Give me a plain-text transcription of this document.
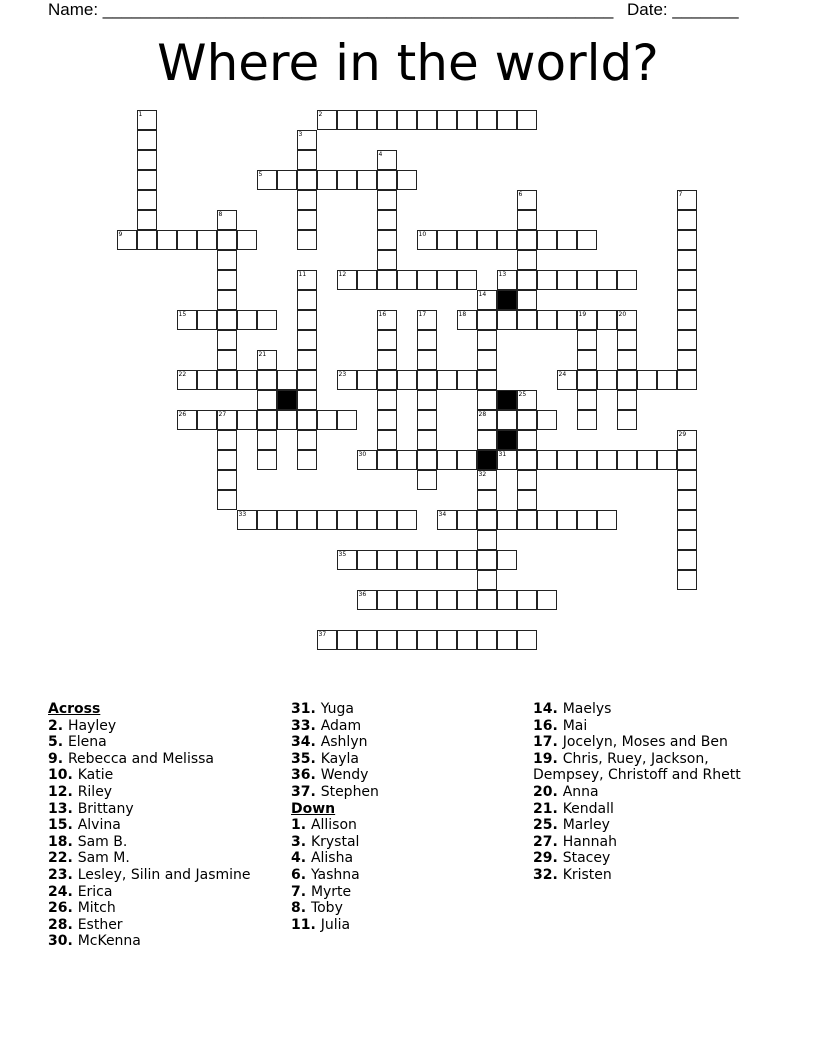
Name: ______________________________________________________ Date: _______
Where in the world?
1	2
3
4
5
6	7
8
9	10
11	12	13
14
28
15	16	17	18	19	20
21
22	23	24
25
26	27
29
30	31
32
33	34
35
36
37
Across
2. Hayley
5. Elena
9. Rebecca and Melissa
10. Katie
12. Riley
13. Brittany
15. Alvina
18. Sam B.
22. Sam M.
23. Lesley, Silin and Jasmine
24. Erica
26. Mitch
28. Esther
30. McKenna
31. Yuga
33. Adam
34. Ashlyn
35. Kayla
36. Wendy
37. Stephen
Down
1. Allison
3. Krystal
4. Alisha
6. Yashna
7. Myrte
8. Toby
11. Julia
14. Maelys
16. Mai
17. Jocelyn, Moses and Ben
19. Chris, Ruey, Jackson,
Dempsey, Christoff and Rhett
20. Anna
21. Kendall
25. Marley
27. Hannah
29. Stacey
32. Kristen
